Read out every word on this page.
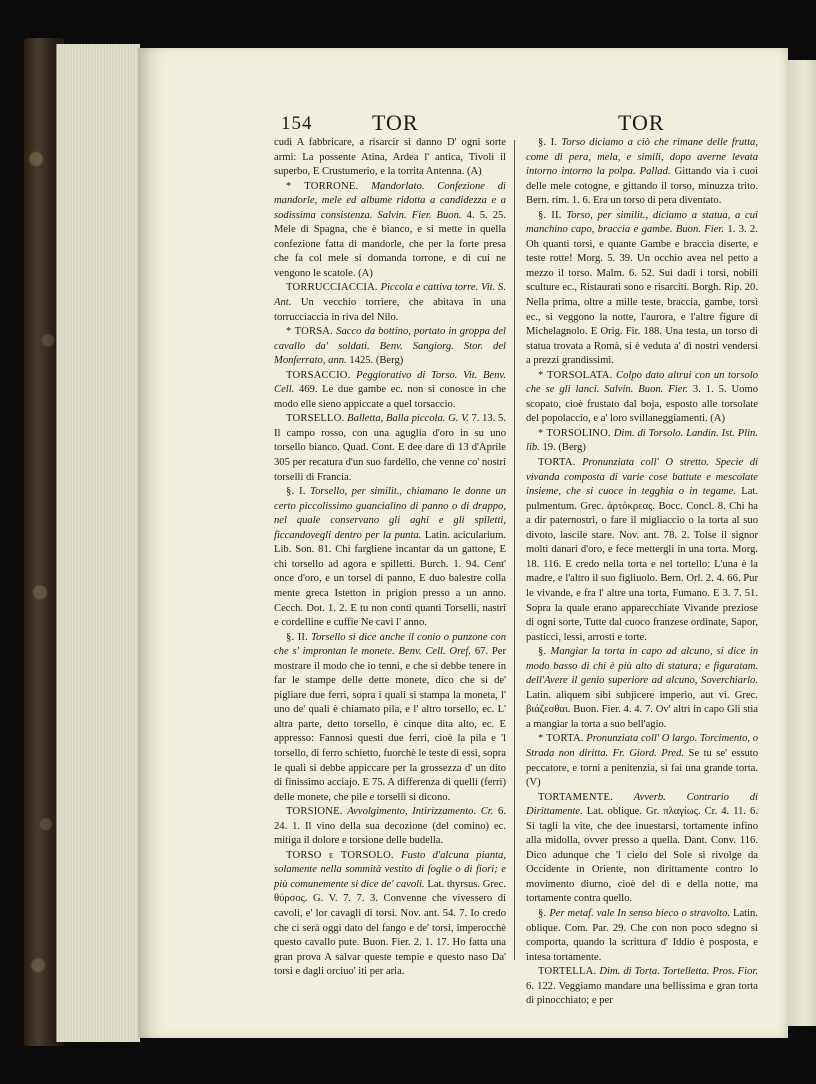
154	TOR	TOR

cudi A fabbricare, a risarcir si danno D' ogni sorte armi: La possente Atina, Ardea l' antica, Tivoli il superbo, E Crustumerio, e la torrita Antenna. (A)

* TORRONE. Mandorlato. Confezione di mandorle, mele ed albume ridotta a candidezza e a sodissima consistenza. Salvin. Fier. Buon. 4. 5. 25. Mele di Spagna, che è bianco, e si mette in quella confezione fatta di mandorle, che per la forte presa che fa col mele si domanda torrone, e di cui ne vengono le scatole. (A)

TORRUCCIACCIA. Piccola e cattiva torre. Vit. S. Ant. Un vecchio torriere, che abitava in una torrucciaccia in riva del Nilo.

* TORSA. Sacco da bottino, portato in groppa del cavallo da' soldati. Benv. Sangiorg. Stor. del Monferrato, ann. 1425. (Berg)

TORSACCIO. Peggiorativo di Torso. Vit. Benv. Cell. 469. Le due gambe ec. non si conosce in che modo elle sieno appiccate a quel torsaccio.

TORSELLO. Balletta, Balla piccola. G. V. 7. 13. 5. Il campo rosso, con una aguglia d'oro in su uno torsello bianco. Quad. Cont. E dee dare dì 13 d'Aprile 305 per recatura d'un suo fardello, che venne co' nostri torselli di Francia.

§. I. Torsello, per similit., chiamano le donne un certo piccolissimo guancialino di panno o di drappo, nel quale conservano gli aghi e gli spiletti, ficcandovegli dentro per la punta. Latin. acicularium. Lib. Son. 81. Chi fargliene incantar da un gattone, E chi torsello ad agora e spilletti. Burch. 1. 94. Cent' once d'oro, e un torsel di panno, E duo balestre colla mente greca Istetton in prigion presso a un anno. Cecch. Dot. 1. 2. E tu non conti quanti Torselli, nastri e cordelline e cuffie Ne cavi l' anno.

§. II. Torsello si dice anche il conio o punzone con che s' improntan le monete. Benv. Cell. Oref. 67. Per mostrare il modo che io tenni, e che si debbe tenere in far le stampe delle dette monete, dico che si de' pigliare due ferri, sopra i quali si stampa la moneta, l' uno de' quali è chiamato pila, e l' altro torsello, ec. L' altra parte, detto torsello, è cinque dita alto, ec. E appresso: Fannosi questi due ferri, cioè la pila e 'l torsello, di ferro schietto, fuorchè le teste di essi, sopra le quali si debbe appiccare per la grossezza d' un dito di finissimo acciajo. E 75. A differenza di quelli (ferri) delle monete, che pile e torselli si dicono.

TORSIONE. Avvolgimento, Intirizzamento. Cr. 6. 24. 1. Il vino della sua decozione (del comino) ec. mitiga il dolore e torsione delle budella.

TORSO e TORSOLO. Fusto d'alcuna pianta, solamente nella sommità vestito di foglie o di fiori; e più comunemente si dice de' cavoli. Lat. thyrsus. Grec. θύρσος. G. V. 7. 7. 3. Convenne che vivessero di cavoli, e' lor cavagli di torsi. Nov. ant. 54. 7. Io credo che ci serà oggi dato del fango e de' torsi, imperocchè questo cavallo pute. Buon. Fier. 2. 1. 17. Ho fatta una gran prova A salvar queste tempie e questo naso Da' torsi e dagli orciuo' iti per aria.

§. I. Torso diciamo a ciò che rimane delle frutta, come di pera, mela, e simili, dopo averne levata intorno intorno la polpa. Pallad. Gittando via i cuoi delle mele cotogne, e gittando il torso, minuzza trito. Bern. rim. 1. 6. Era un torso di pera diventato.

§. II. Torso, per similit., diciamo a statua, a cui manchino capo, braccia e gambe. Buon. Fier. 1. 3. 2. Oh quanti torsi, e quante Gambe e braccia diserte, e teste rotte! Morg. 5. 39. Un occhio avea nel petto a mezzo il torso. Malm. 6. 52. Sui dadi i torsi, nobili sculture ec., Ristaurati sono e risarciti. Borgh. Rip. 20. Nella prima, oltre a mille teste, braccia, gambe, torsi ec., si veggono la notte, l'aurora, e l'altre figure di Michelagnolo. E Orig. Fir. 188. Una testa, un torso di statua trovata a Romà, si è veduta a' dì nostri vendersi a prezzi grandissimi.

* TORSOLATA. Colpo dato altrui con un torsolo che se gli lanci. Salvin. Buon. Fier. 3. 1. 5. Uomo scopato, cioè frustato dal boja, esposto alle torsolate del popolaccio, e a' loro svillaneggiamenti. (A)

* TORSOLINO. Dim. di Torsolo. Landin. Ist. Plin. lib. 19. (Berg)

TORTA. Pronunziata coll' O stretto. Specie di vivanda composta di varie cose battute e mescolate insieme, che si cuoce in tegghia o in tegame. Lat. pulmentum. Grec. ἀρτόκρεας. Bocc. Concl. 8. Chi ha a dir paternostri, o fare il migliaccio o la torta al suo divoto, lascile stare. Nov. ant. 78. 2. Tolse il signor molti danari d'oro, e fece mettergli in una torta. Morg. 18. 116. E credo nella torta e nel tortello: L'una è la madre, e l'altro il suo figliuolo. Bern. Orl. 2. 4. 66. Pur le vivande, e fra l' altre una torta, Fumano. E 3. 7. 51. Sopra la quale erano apparecchiate Vivande preziose di ogni sorte, Tutte dal cuoco franzese ordinate, Sapor, pasticci, lessi, arrosti e torte.

§. Mangiar la torta in capo ad alcuno, si dice in modo basso di chi è più alto di statura; e figuratam. dell'Avere il genio superiore ad alcuno, Soverchiarlo. Latin. aliquem sibi subjicere imperio, aut vi. Grec. βιάζεσθαι. Buon. Fier. 4. 4. 7. Ov' altri in capo Gli stia a mangiar la torta a suo bell'agio.

* TORTA. Pronunziata coll' O largo. Torcimento, o Strada non diritta. Fr. Giord. Pred. Se tu se' essuto peccatore, e torni a penitenzia, sì fai una grande torta. (V)

TORTAMENTE. Avverb. Contrario di Dirittamente. Lat. oblique. Gr. πλαγίως. Cr. 4. 11. 6. Si tagli la vite, che dee inuestarsi, tortamente infino alla midolla, ovver presso a quella. Dant. Conv. 116. Dico adunque che 'l cielo del Sole si rivolge da Occidente in Oriente, non dirittamente contro lo movimento diurno, cioè del dì e della notte, ma tortamente contra quello.

§. Per metaf. vale In senso bieco o stravolto. Latin. oblique. Com. Par. 29. Che con non poco sdegno si comporta, quando la scrittura d' Iddio è posposta, e intesa tortamente.

TORTELLA. Dim. di Torta. Tortelletta. Pros. Fior. 6. 122. Veggiamo mandare una bellissima e gran torta di pinocchiato; e per
